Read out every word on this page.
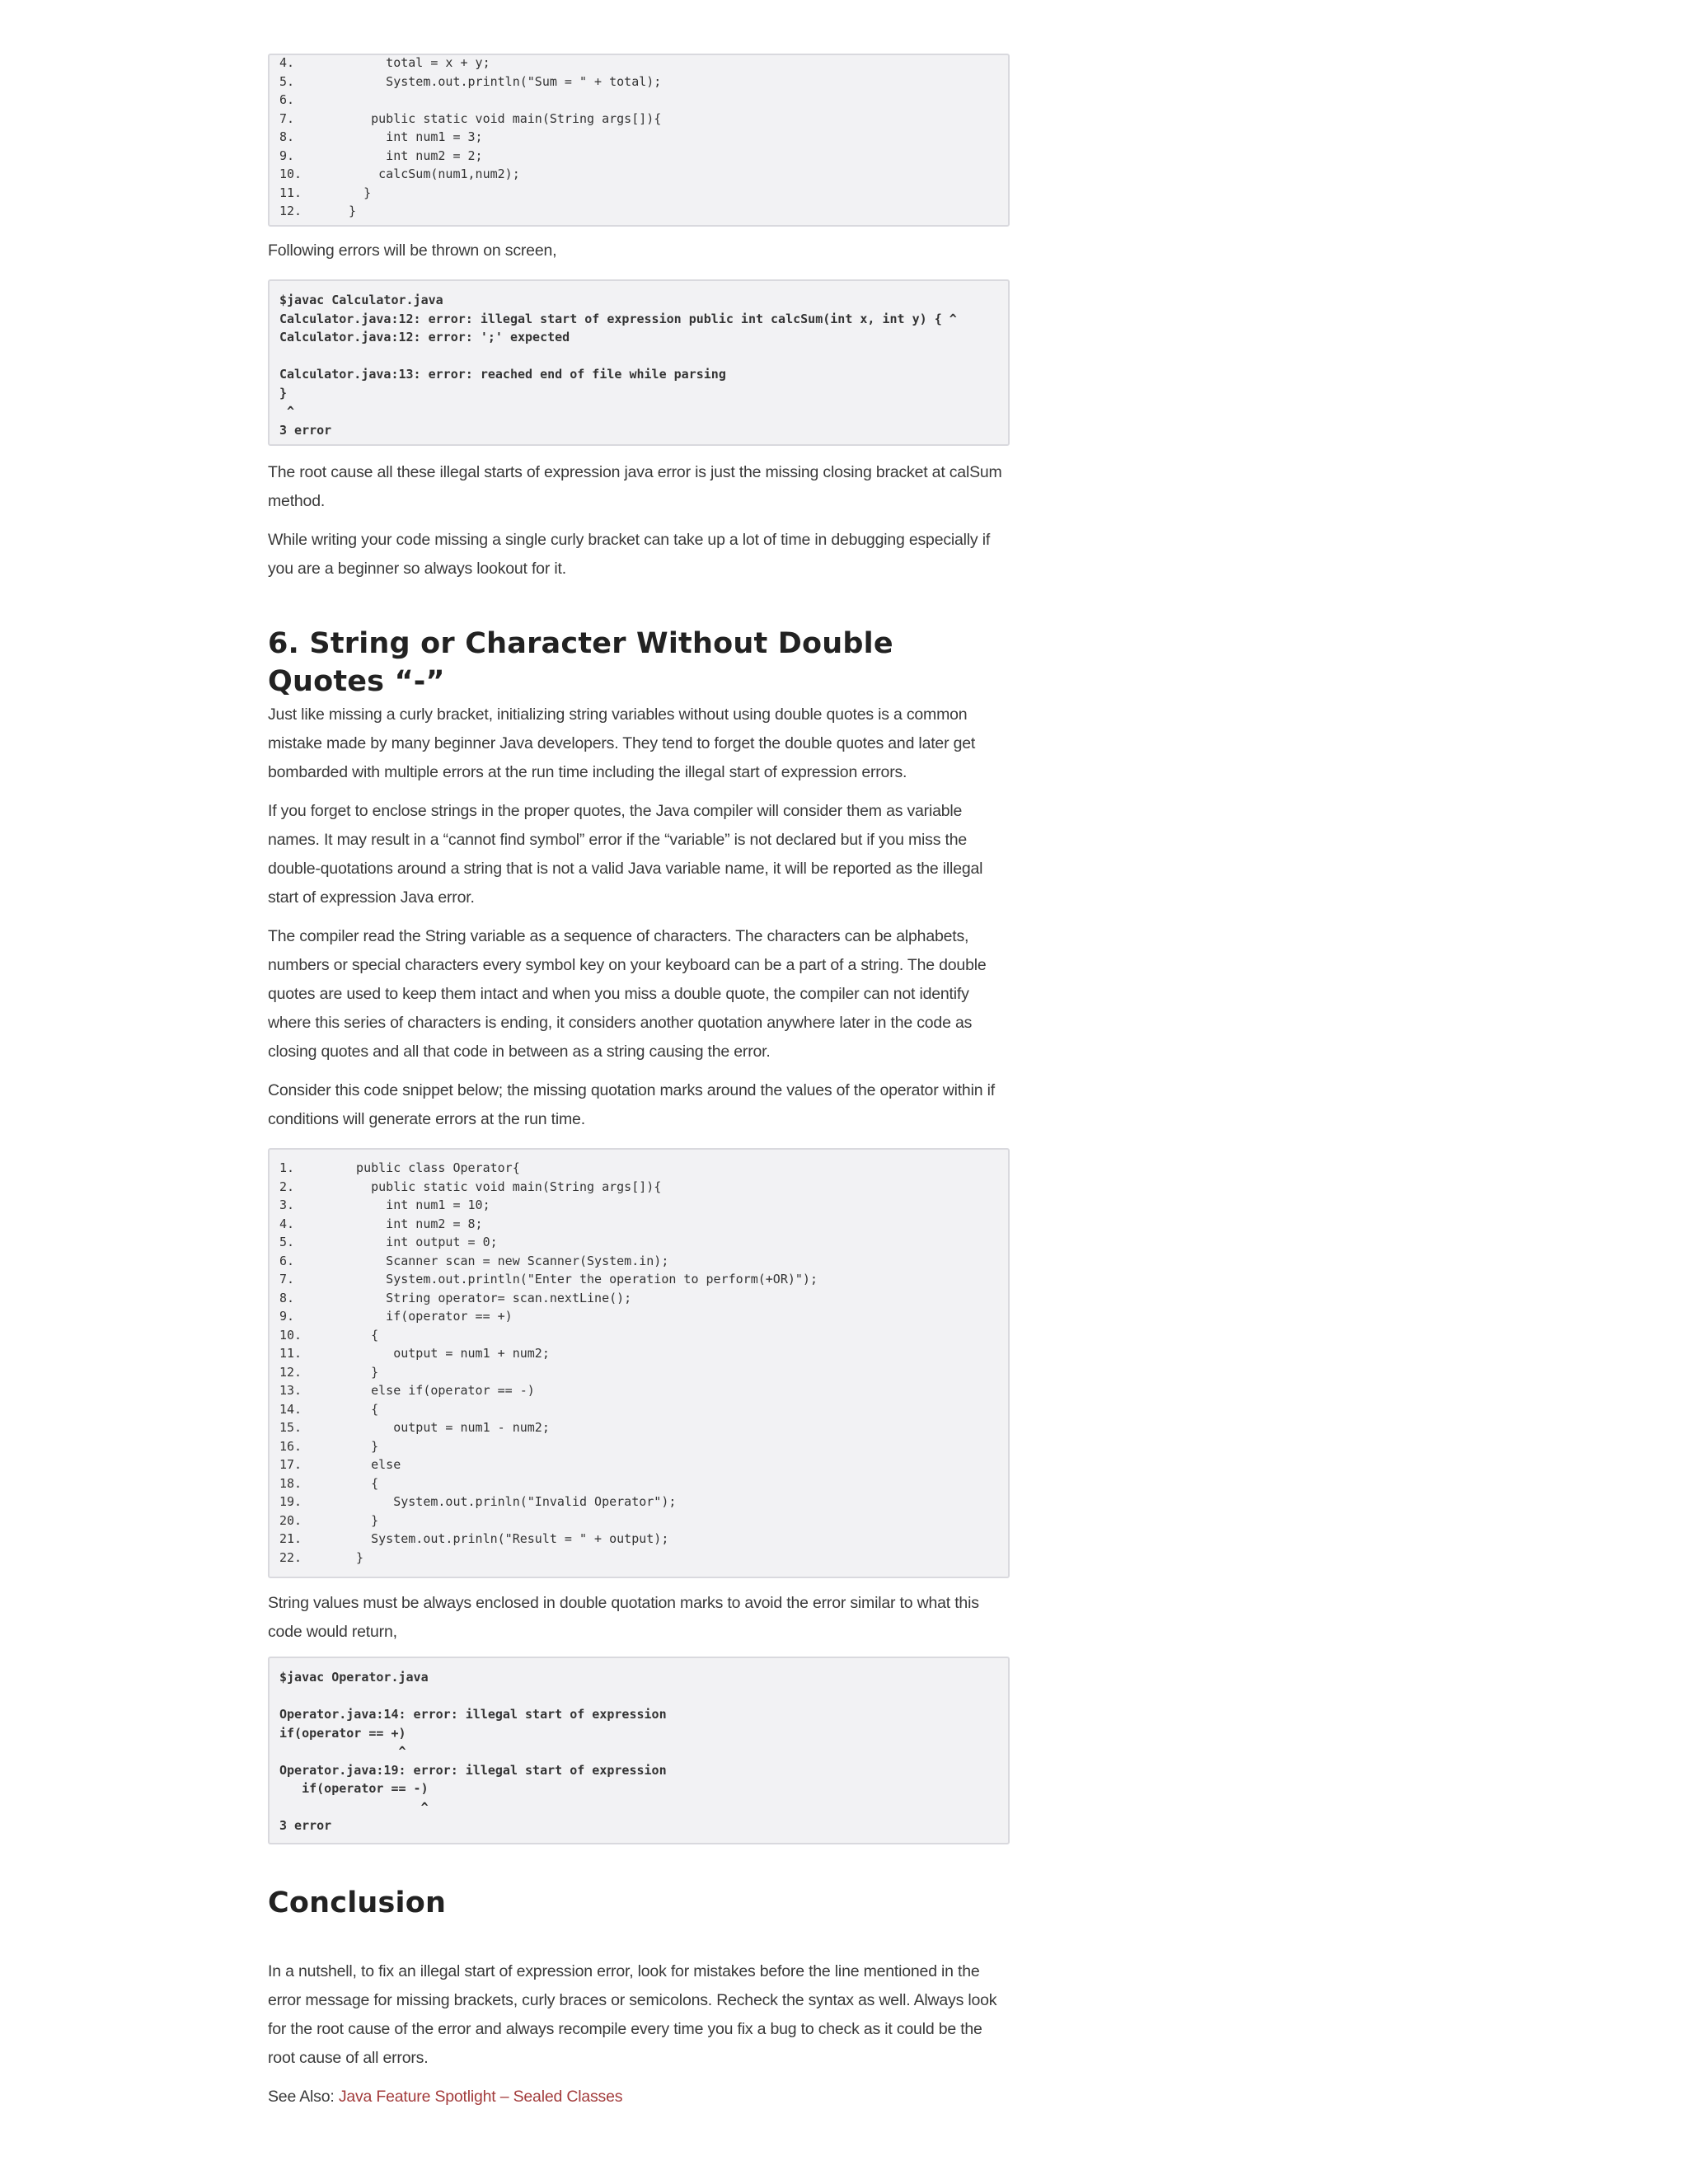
4.	total = x + y;
5.	System.out.println("Sum = " + total);
6.
7.	public static void main(String args[]){
8.	int num1 = 3;
9.	int num2 = 2;
10.	calcSum(num1,num2);
11.	}
12.	}

Following errors will be thrown on screen,

$javac Calculator.java
Calculator.java:12: error: illegal start of expression public int calcSum(int x, int y) { ^
Calculator.java:12: error: ';' expected
Calculator.java:13: error: reached end of file while parsing
}
^
3 error

The root cause all these illegal starts of expression java error is just the missing closing bracket at calSum method.

While writing your code missing a single curly bracket can take up a lot of time in debugging especially if you are a beginner so always lookout for it.

6. String or Character Without Double Quotes “-”

Just like missing a curly bracket, initializing string variables without using double quotes is a common mistake made by many beginner Java developers. They tend to forget the double quotes and later get bombarded with multiple errors at the run time including the illegal start of expression errors.

If you forget to enclose strings in the proper quotes, the Java compiler will consider them as variable names. It may result in a “cannot find symbol” error if the “variable” is not declared but if you miss the double-quotations around a string that is not a valid Java variable name, it will be reported as the illegal start of expression Java error.

The compiler read the String variable as a sequence of characters. The characters can be alphabets, numbers or special characters every symbol key on your keyboard can be a part of a string. The double quotes are used to keep them intact and when you miss a double quote, the compiler can not identify where this series of characters is ending, it considers another quotation anywhere later in the code as closing quotes and all that code in between as a string causing the error.

Consider this code snippet below; the missing quotation marks around the values of the operator within if conditions will generate errors at the run time.

1.	public class Operator{
2.	public static void main(String args[]){
3.	int num1 = 10;
4.	int num2 = 8;
5.	int output = 0;
6.	Scanner scan = new Scanner(System.in);
7.	System.out.println("Enter the operation to perform(+OR)");
8.	String operator= scan.nextLine();
9.	if(operator == +)
10.	{
11.	output = num1 + num2;
12.	}
13.	else if(operator == -)
14.	{
15.	output = num1 - num2;
16.	}
17.	else
18.	{
19.	System.out.prinln("Invalid Operator");
20.	}
21.	System.out.prinln("Result = " + output);
22.	}

String values must be always enclosed in double quotation marks to avoid the error similar to what this code would return,

$javac Operator.java
Operator.java:14: error: illegal start of expression
if(operator == +)
^
Operator.java:19: error: illegal start of expression
if(operator == -)
^
3 error

Conclusion

In a nutshell, to fix an illegal start of expression error, look for mistakes before the line mentioned in the error message for missing brackets, curly braces or semicolons. Recheck the syntax as well. Always look for the root cause of the error and always recompile every time you fix a bug to check as it could be the root cause of all errors.

See Also: Java Feature Spotlight – Sealed Classes
